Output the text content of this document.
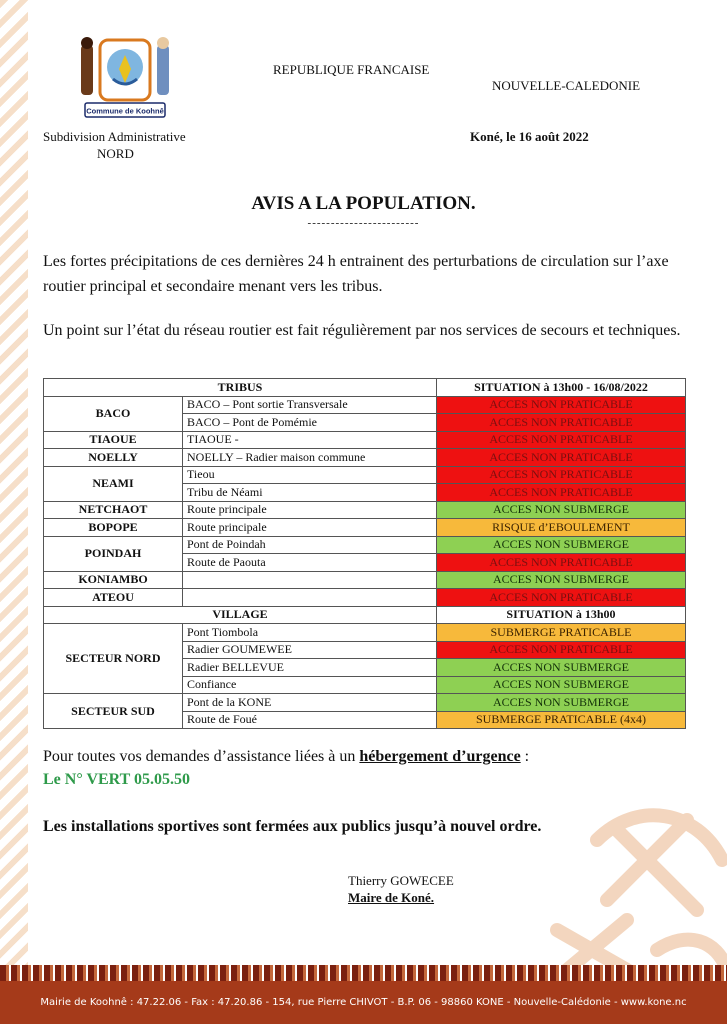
Commune de Koohnê
REPUBLIQUE FRANCAISE
NOUVELLE-CALEDONIE
Subdivision Administrative
NORD
Koné, le 16 août 2022
AVIS A LA POPULATION.
------------------------
Les fortes précipitations de ces dernières 24 h entrainent des perturbations de circulation sur l’axe routier principal et secondaire menant vers les tribus.
Un point sur l’état du réseau routier est fait régulièrement par nos services de secours et techniques.
TRIBUS		SITUATION à 13h00 - 16/08/2022
BACO	BACO – Pont sortie Transversale	ACCES NON PRATICABLE
	BACO – Pont de Pomémie	ACCES NON PRATICABLE
TIAOUE	TIAOUE -	ACCES NON PRATICABLE
NOELLY	NOELLY – Radier maison commune	ACCES NON PRATICABLE
NEAMI	Tieou	ACCES NON PRATICABLE
	Tribu de Néami	ACCES NON PRATICABLE
NETCHAOT	Route principale	ACCES NON SUBMERGE
BOPOPE	Route principale	RISQUE d’EBOULEMENT
POINDAH	Pont de Poindah	ACCES NON SUBMERGE
	Route de Paouta	ACCES NON PRATICABLE
KONIAMBO		ACCES NON SUBMERGE
ATEOU		ACCES NON PRATICABLE
VILLAGE		SITUATION à 13h00
SECTEUR NORD	Pont Tiombola	SUBMERGE PRATICABLE
	Radier GOUMEWEE	ACCES NON PRATICABLE
	Radier BELLEVUE	ACCES NON SUBMERGE
	Confiance	ACCES NON SUBMERGE
SECTEUR SUD	Pont de la KONE	ACCES NON SUBMERGE
	Route de Foué	SUBMERGE PRATICABLE (4x4)
Pour toutes vos demandes d’assistance liées à un hébergement d’urgence :
Le N° VERT 05.05.50
Les installations sportives sont fermées aux publics jusqu’à nouvel ordre.
Thierry GOWECEE
Maire de Koné.
Mairie de Koohnê : 47.22.06 - Fax : 47.20.86 - 154, rue Pierre CHIVOT - B.P. 06 - 98860 KONE - Nouvelle-Calédonie - www.kone.nc
